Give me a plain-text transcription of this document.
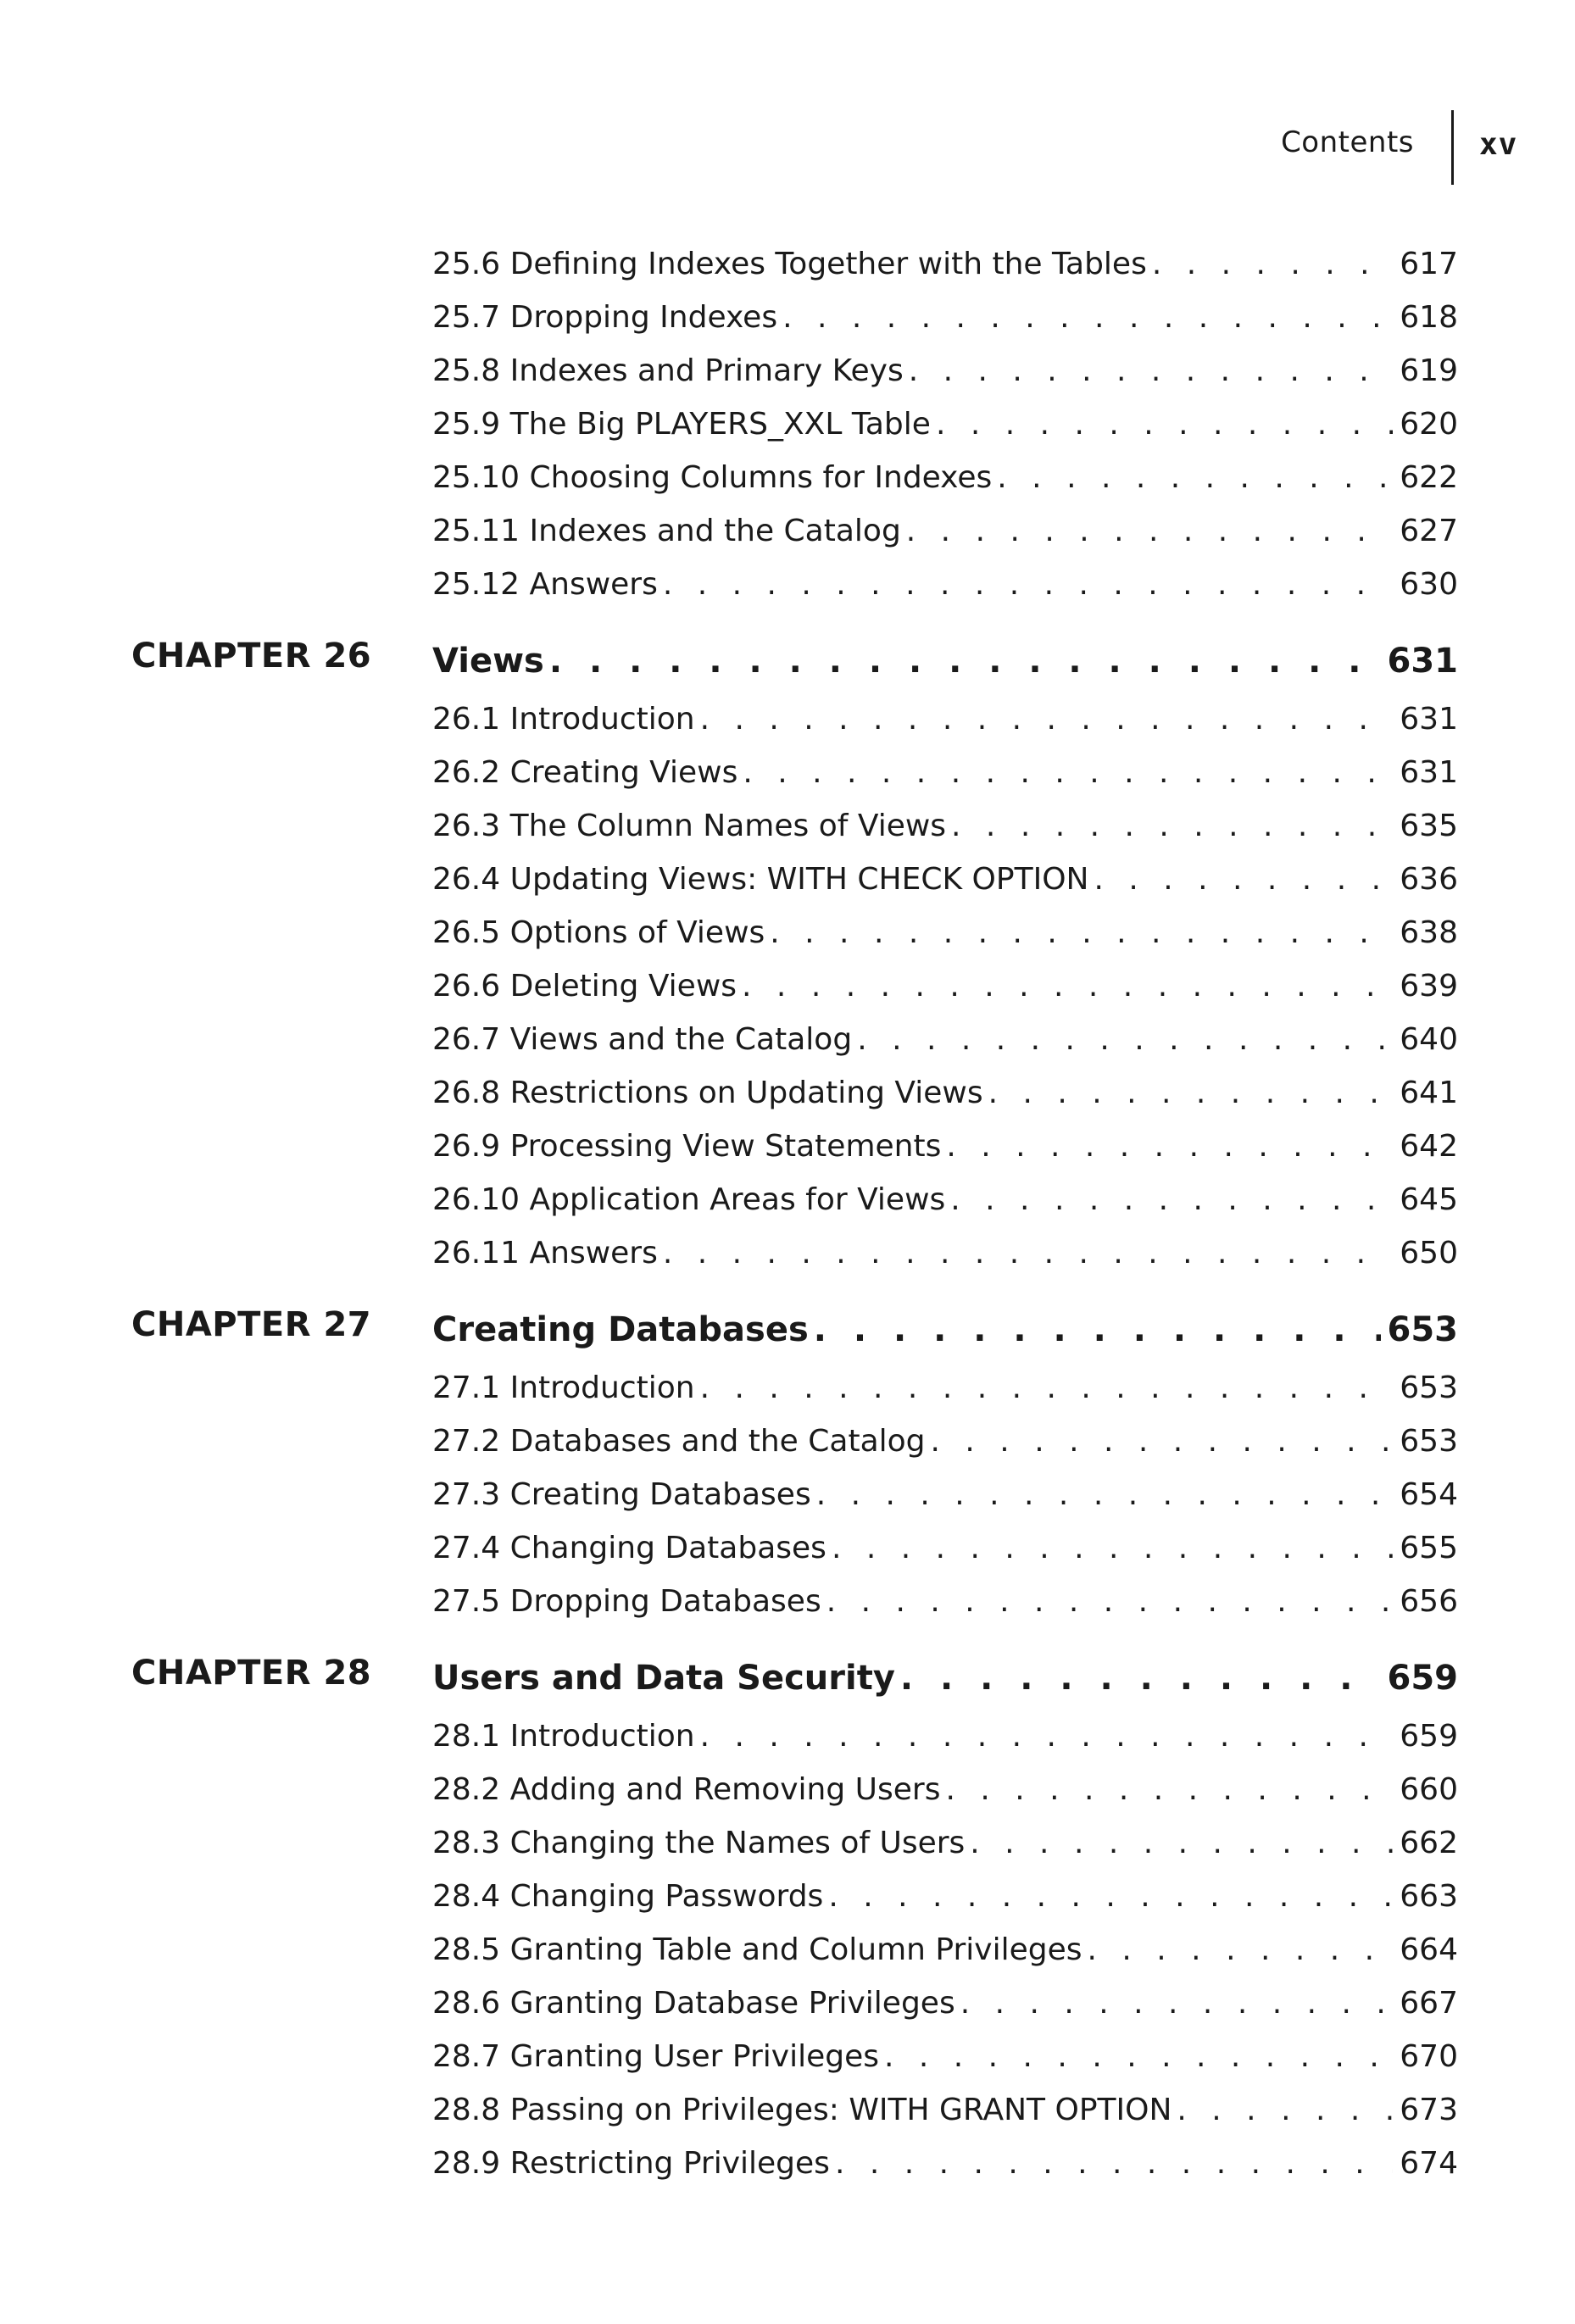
Contents xv
25.6 Defining Indexes Together with the Tables . . .	617
25.7 Dropping Indexes . . .	618
25.8 Indexes and Primary Keys . . .	619
25.9 The Big PLAYERS_XXL Table . . .	620
25.10 Choosing Columns for Indexes . . .	622
25.11 Indexes and the Catalog . . .	627
25.12 Answers . . .	630
CHAPTER 26 Views . . .	631
26.1 Introduction . . .	631
26.2 Creating Views . . .	631
26.3 The Column Names of Views . . .	635
26.4 Updating Views: WITH CHECK OPTION . . .	636
26.5 Options of Views . . .	638
26.6 Deleting Views . . .	639
26.7 Views and the Catalog . . .	640
26.8 Restrictions on Updating Views . . .	641
26.9 Processing View Statements . . .	642
26.10 Application Areas for Views . . .	645
26.11 Answers . . .	650
CHAPTER 27 Creating Databases . . .	653
27.1 Introduction . . .	653
27.2 Databases and the Catalog . . .	653
27.3 Creating Databases . . .	654
27.4 Changing Databases . . .	655
27.5 Dropping Databases . . .	656
CHAPTER 28 Users and Data Security . . .	659
28.1 Introduction . . .	659
28.2 Adding and Removing Users . . .	660
28.3 Changing the Names of Users . . .	662
28.4 Changing Passwords . . .	663
28.5 Granting Table and Column Privileges . . .	664
28.6 Granting Database Privileges . . .	667
28.7 Granting User Privileges . . .	670
28.8 Passing on Privileges: WITH GRANT OPTION . . .	673
28.9 Restricting Privileges . . .	674
